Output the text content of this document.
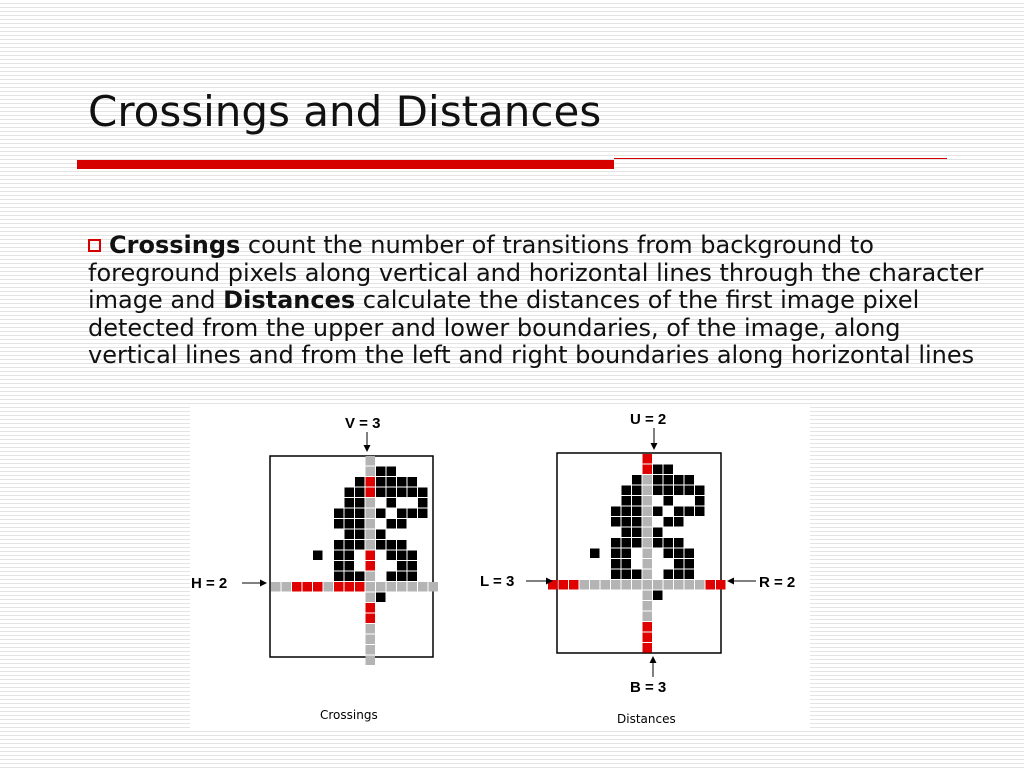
Crossings and Distances

Crossings count the number of transitions from background to foreground pixels along vertical and horizontal lines through the character image and Distances calculate the distances of the first image pixel detected from the upper and lower boundaries, of the image, along vertical lines and from the left and right boundaries along horizontal lines

V = 3
H = 2
Crossings
U = 2
L = 3	R = 2
B = 3
Distances
